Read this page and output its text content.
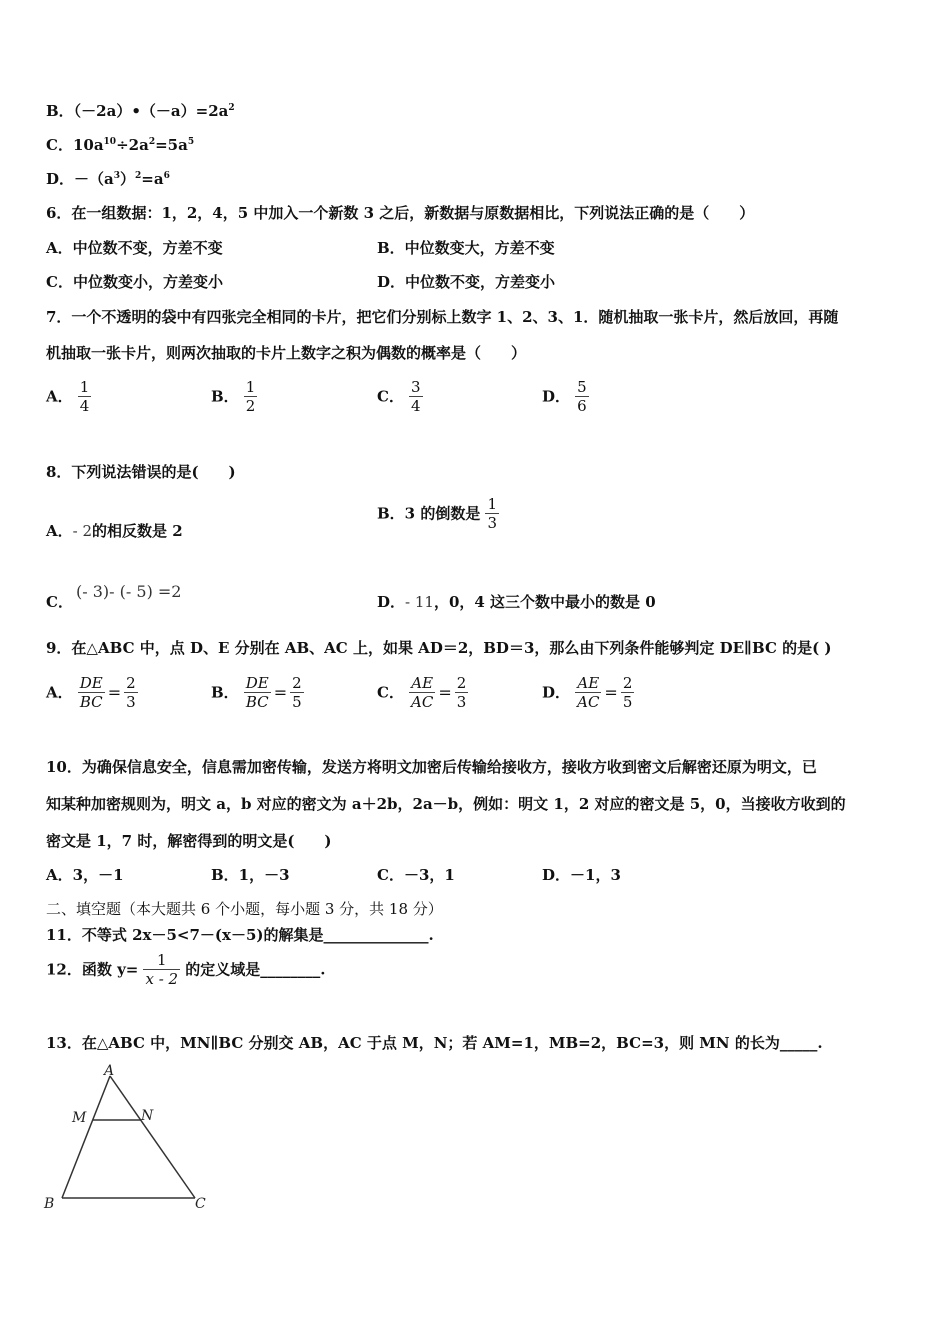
B．$(-2a)•(-a)=2a^2$
C．$10a^{10}\div 2a^2=5a^5$
D．$-(a^3)^2=a^6$
6．在一组数据：1，2，4，5 中加入一个新数 3 之后，新数据与原数据相比，下列说法正确的是（　　）
A．中位数不变，方差不变	B．中位数变大，方差不变
C．中位数变小，方差变小	D．中位数不变，方差变小
7．一个不透明的袋中有四张完全相同的卡片，把它们分别标上数字 1、2、3、1．随机抽取一张卡片，然后放回，再随
机抽取一张卡片，则两次抽取的卡片上数字之积为偶数的概率是（　　）
A． $\frac{1}{4}$	B． $\frac{1}{2}$	C． $\frac{3}{4}$	D． $\frac{5}{6}$
8．下列说法错误的是(　　)
A．- 2的相反数是 2
B．3 的倒数是 $\frac{1}{3}$
C．
(- 3)- (- 5) =2
D．- 11，0，4 这三个数中最小的数是 0
9．在△ABC 中，点 D、E 分别在 AB、AC 上，如果 AD＝2，BD＝3，那么由下列条件能够判定 DE∥BC 的是( )
A． $\frac{DE}{BC} = \frac{2}{3}$	B． $\frac{DE}{BC} = \frac{2}{5}$	C． $\frac{AE}{AC} = \frac{2}{3}$	D． $\frac{AE}{AC} = \frac{2}{5}$
10．为确保信息安全，信息需加密传输，发送方将明文加密后传输给接收方，接收方收到密文后解密还原为明文，已
知某种加密规则为，明文 a，b 对应的密文为 a＋2b，2a－b，例如：明文 1，2 对应的密文是 5，0，当接收方收到的
密文是 1，7 时，解密得到的明文是(　　)
A．3，－1	B．1，－3	C．－3，1	D．－1，3
二、填空题（本大题共 6 个小题，每小题 3 分，共 18 分）
11．不等式 2x－5<7－(x－5)的解集是______________.
12．函数 $y= \frac{1}{x - 2}$ 的定义域是________.
13．在△ABC 中，MN∥BC 分别交 AB，AC 于点 M，N；若 AM=1，MB=2，BC=3，则 MN 的长为_____.
A
M	N
B	C
